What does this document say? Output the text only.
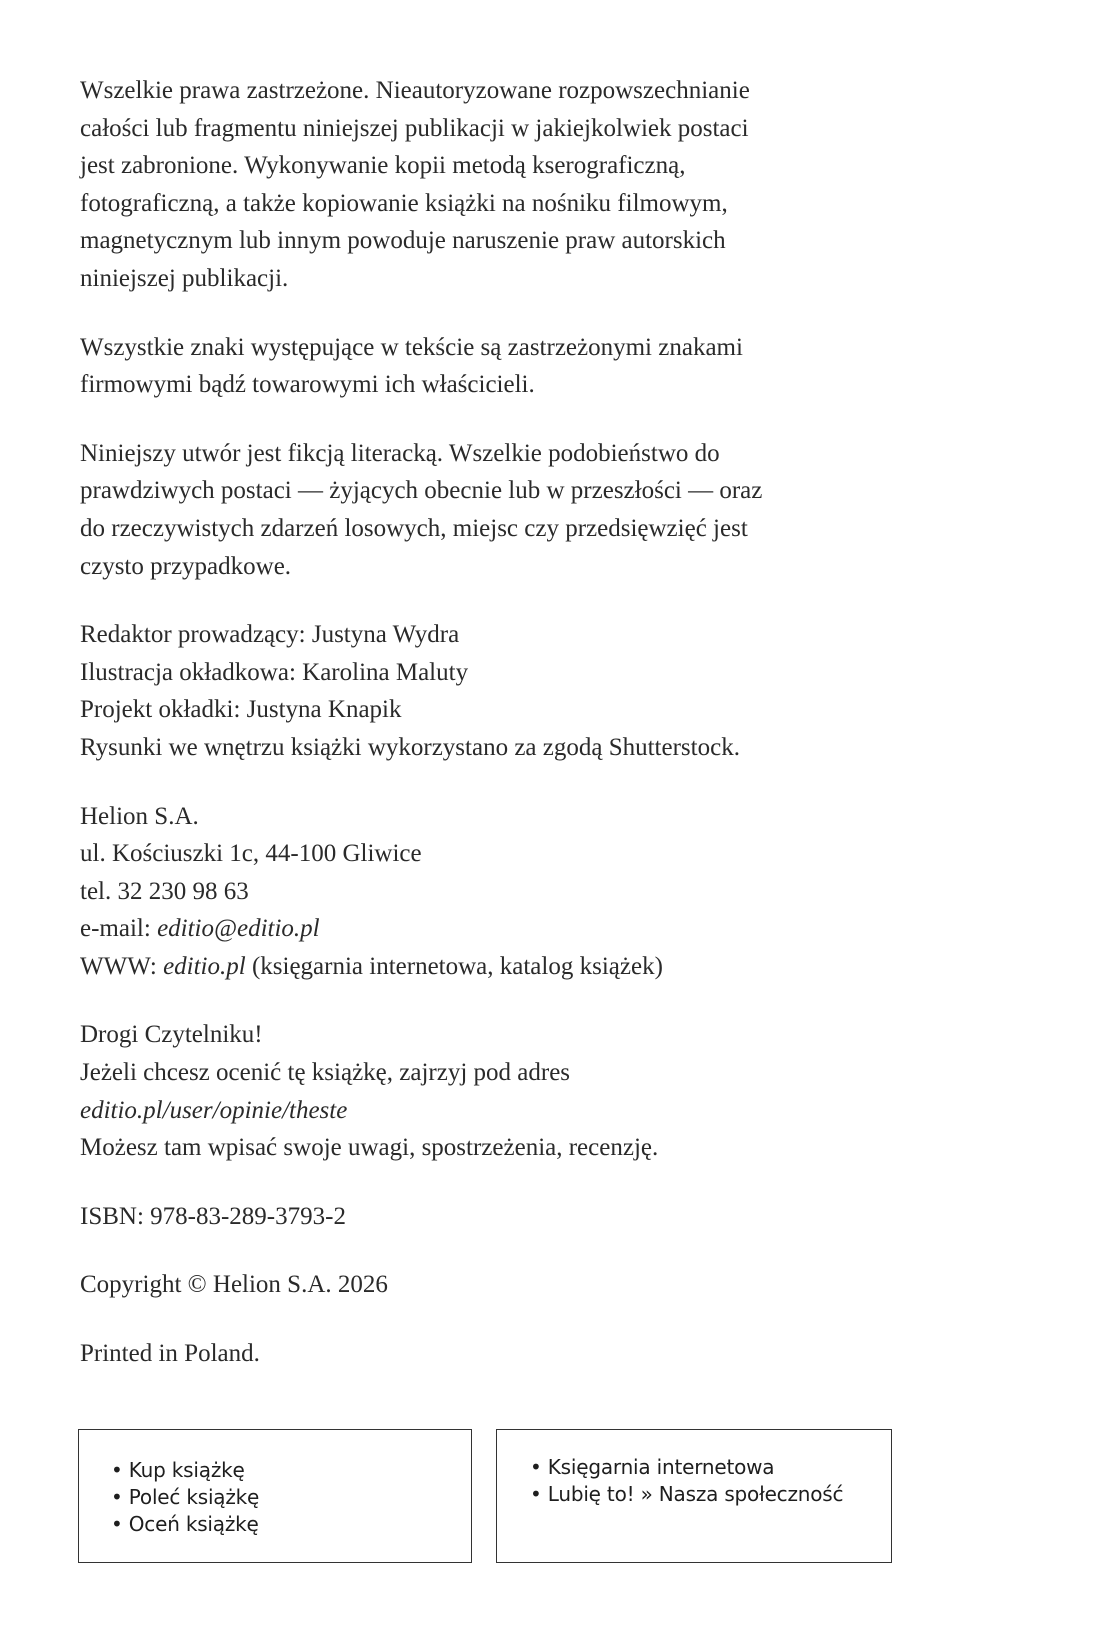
Wszelkie prawa zastrzeżone. Nieautoryzowane rozpowszechnianie
całości lub fragmentu niniejszej publikacji w jakiejkolwiek postaci
jest zabronione. Wykonywanie kopii metodą kserograficzną,
fotograficzną, a także kopiowanie książki na nośniku filmowym,
magnetycznym lub innym powoduje naruszenie praw autorskich
niniejszej publikacji.

Wszystkie znaki występujące w tekście są zastrzeżonymi znakami
firmowymi bądź towarowymi ich właścicieli.

Niniejszy utwór jest fikcją literacką. Wszelkie podobieństwo do
prawdziwych postaci — żyjących obecnie lub w przeszłości — oraz
do rzeczywistych zdarzeń losowych, miejsc czy przedsięwzięć jest
czysto przypadkowe.

Redaktor prowadzący: Justyna Wydra
Ilustracja okładkowa: Karolina Maluty
Projekt okładki: Justyna Knapik
Rysunki we wnętrzu książki wykorzystano za zgodą Shutterstock.

Helion S.A.
ul. Kościuszki 1c, 44-100 Gliwice
tel. 32 230 98 63
e-mail: editio@editio.pl
WWW: editio.pl (księgarnia internetowa, katalog książek)

Drogi Czytelniku!
Jeżeli chcesz ocenić tę książkę, zajrzyj pod adres
editio.pl/user/opinie/theste
Możesz tam wpisać swoje uwagi, spostrzeżenia, recenzję.

ISBN: 978-83-289-3793-2

Copyright © Helion S.A. 2026

Printed in Poland.

• Kup książkę
• Poleć książkę
• Oceń książkę
• Księgarnia internetowa
• Lubię to! » Nasza społeczność
